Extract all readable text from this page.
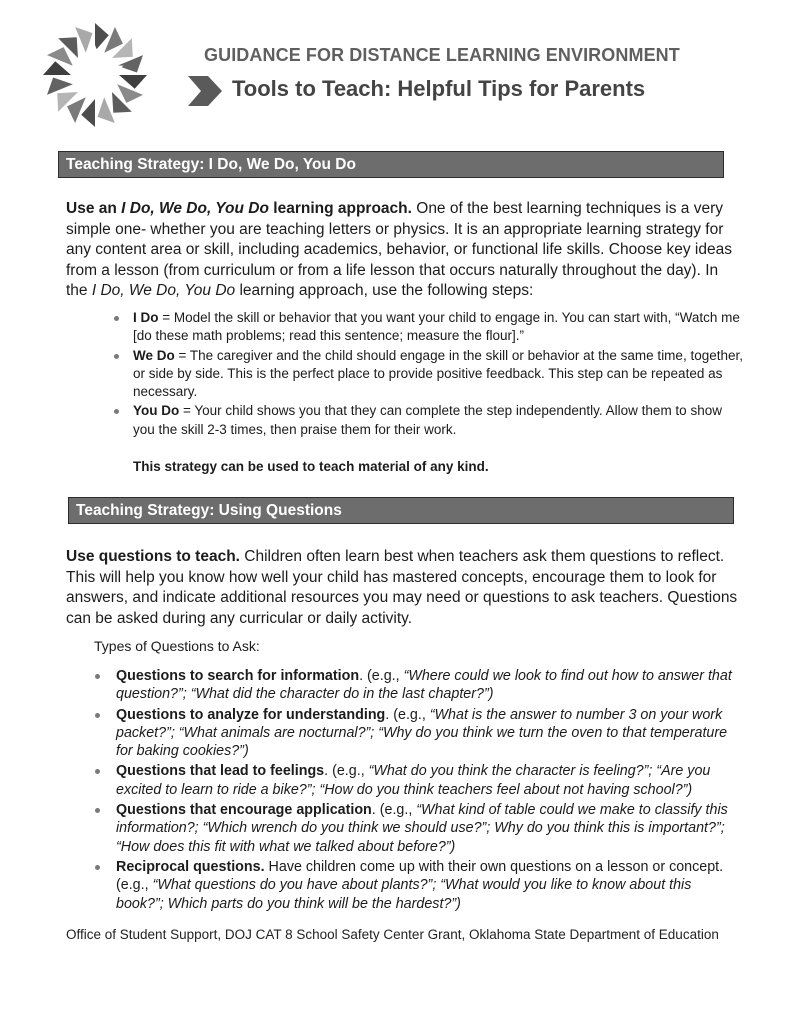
GUIDANCE FOR DISTANCE LEARNING ENVIRONMENT
Tools to Teach: Helpful Tips for Parents
Teaching Strategy: I Do, We Do, You Do
Use an I Do, We Do, You Do learning approach. One of the best learning techniques is a very simple one- whether you are teaching letters or physics. It is an appropriate learning strategy for any content area or skill, including academics, behavior, or functional life skills. Choose key ideas from a lesson (from curriculum or from a life lesson that occurs naturally throughout the day). In the I Do, We Do, You Do learning approach, use the following steps:
I Do = Model the skill or behavior that you want your child to engage in. You can start with, “Watch me [do these math problems; read this sentence; measure the flour].”
We Do = The caregiver and the child should engage in the skill or behavior at the same time, together, or side by side. This is the perfect place to provide positive feedback. This step can be repeated as necessary.
You Do = Your child shows you that they can complete the step independently. Allow them to show you the skill 2-3 times, then praise them for their work.
This strategy can be used to teach material of any kind.
Teaching Strategy: Using Questions
Use questions to teach. Children often learn best when teachers ask them questions to reflect. This will help you know how well your child has mastered concepts, encourage them to look for answers, and indicate additional resources you may need or questions to ask teachers. Questions can be asked during any curricular or daily activity.
Types of Questions to Ask:
Questions to search for information. (e.g., “Where could we look to find out how to answer that question?”; “What did the character do in the last chapter?”)
Questions to analyze for understanding. (e.g., “What is the answer to number 3 on your work packet?”; “What animals are nocturnal?”; “Why do you think we turn the oven to that temperature for baking cookies?”)
Questions that lead to feelings. (e.g., “What do you think the character is feeling?”; “Are you excited to learn to ride a bike?”; “How do you think teachers feel about not having school?”)
Questions that encourage application. (e.g., “What kind of table could we make to classify this information?; “Which wrench do you think we should use?”; Why do you think this is important?”; “How does this fit with what we talked about before?”)
Reciprocal questions. Have children come up with their own questions on a lesson or concept. (e.g., “What questions do you have about plants?”; “What would you like to know about this book?”; Which parts do you think will be the hardest?”)
Office of Student Support, DOJ CAT 8 School Safety Center Grant, Oklahoma State Department of Education
